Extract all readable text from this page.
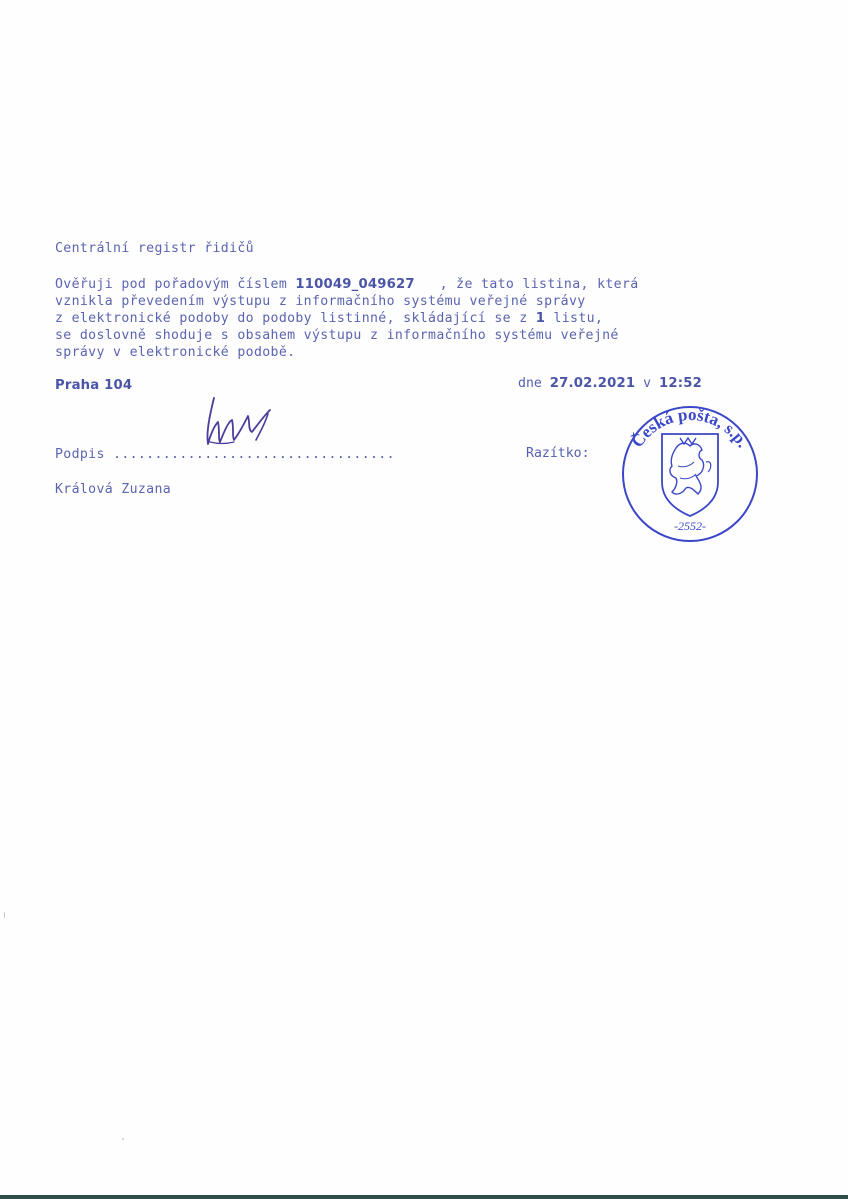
Centrální registr řidičů
Ověřuji pod pořadovým číslem 110049_049627   , že tato listina, která
vznikla převedením výstupu z informačního systému veřejné správy
z elektronické podoby do podoby listinné, skládající se z 1 listu,
se doslovně shoduje s obsahem výstupu z informačního systému veřejné
správy v elektronické podobě.
Praha 104	dne 27.02.2021 v 12:52
Podpis ..................................	Razítko:
Králová Zuzana
Česká pošta, s.p.
-2552-
